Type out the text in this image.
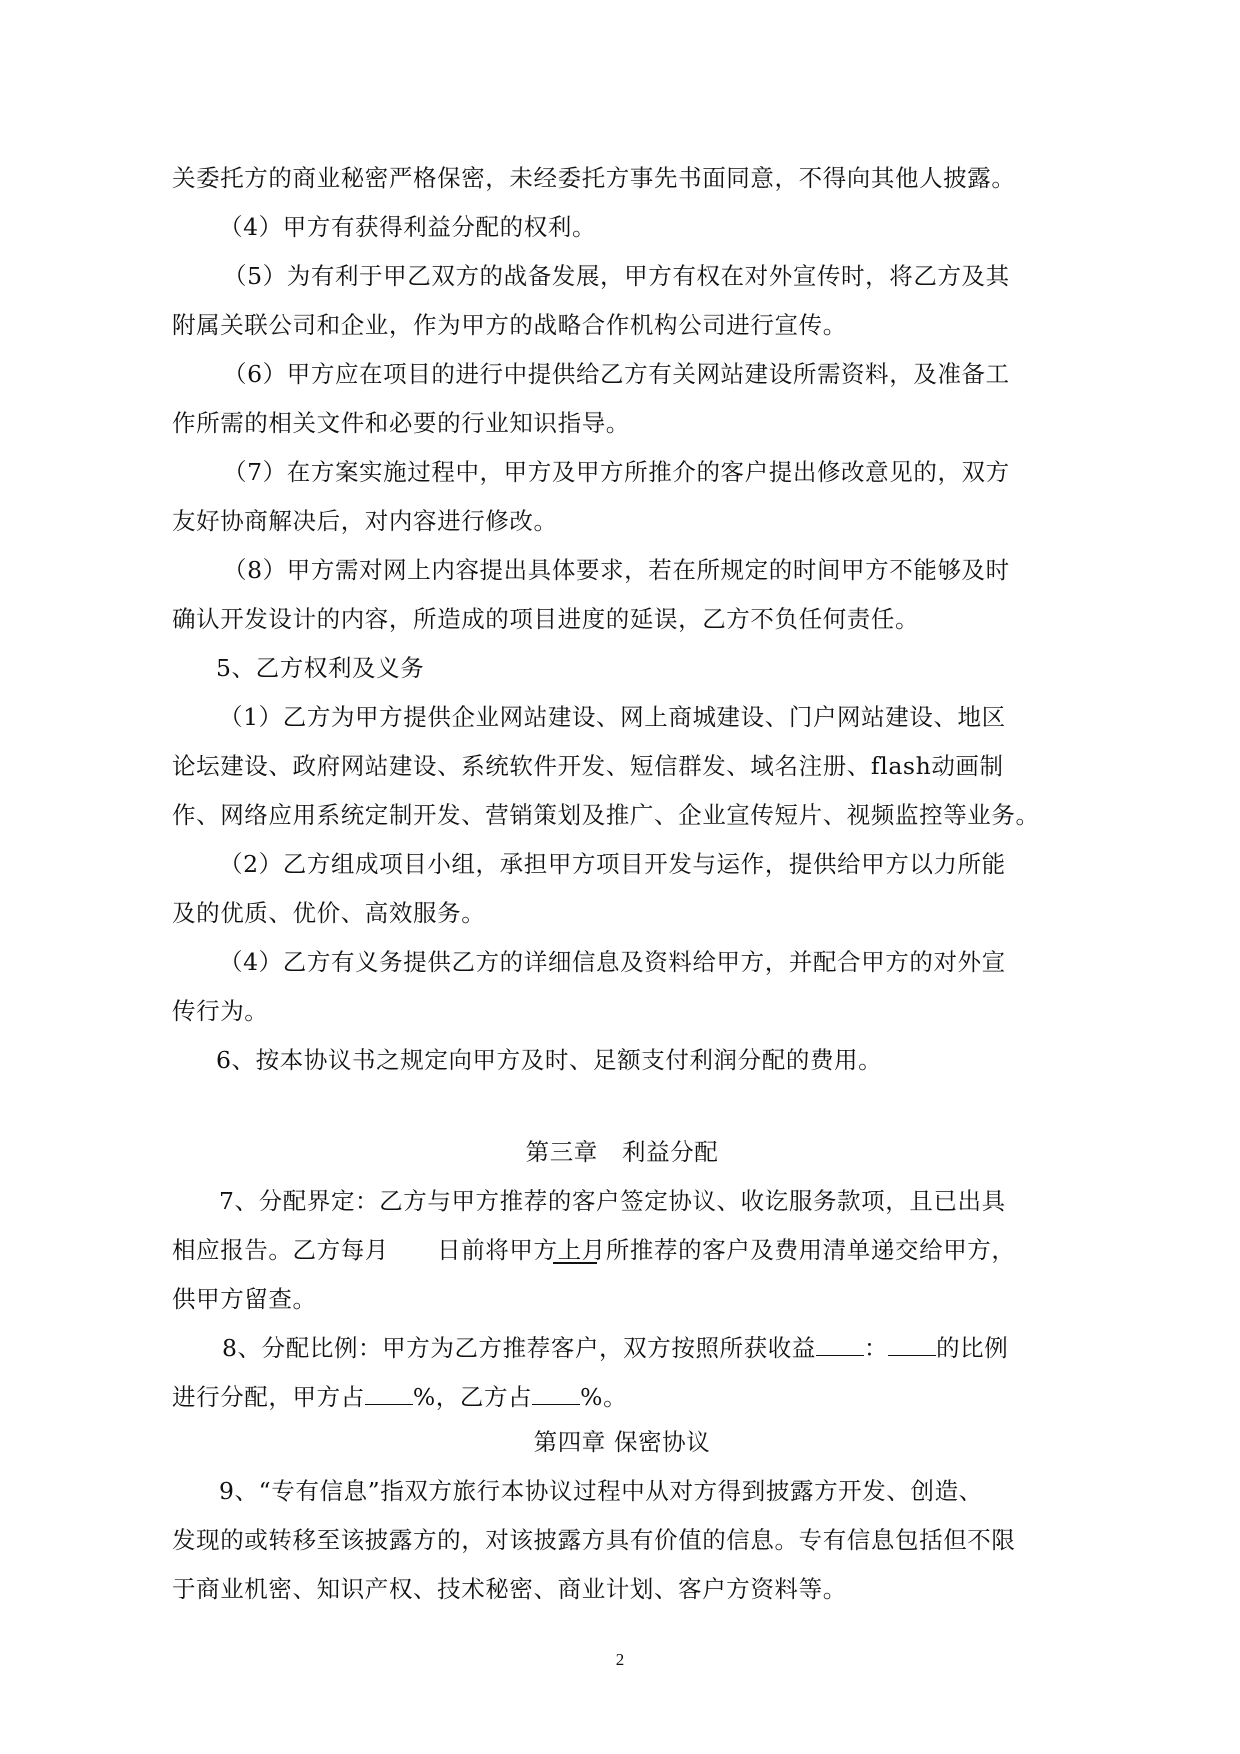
关委托方的商业秘密严格保密，未经委托方事先书面同意，不得向其他人披露。
（4）甲方有获得利益分配的权利。
（5）为有利于甲乙双方的战备发展，甲方有权在对外宣传时，将乙方及其
附属关联公司和企业，作为甲方的战略合作机构公司进行宣传。
（6）甲方应在项目的进行中提供给乙方有关网站建设所需资料，及准备工
作所需的相关文件和必要的行业知识指导。
（7）在方案实施过程中，甲方及甲方所推介的客户提出修改意见的，双方
友好协商解决后，对内容进行修改。
（8）甲方需对网上内容提出具体要求，若在所规定的时间甲方不能够及时
确认开发设计的内容，所造成的项目进度的延误，乙方不负任何责任。
5、乙方权利及义务
（1）乙方为甲方提供企业网站建设、网上商城建设、门户网站建设、地区
论坛建设、政府网站建设、系统软件开发、短信群发、域名注册、flash动画制
作、网络应用系统定制开发、营销策划及推广、企业宣传短片、视频监控等业务。
（2）乙方组成项目小组，承担甲方项目开发与运作，提供给甲方以力所能
及的优质、优价、高效服务。
（4）乙方有义务提供乙方的详细信息及资料给甲方，并配合甲方的对外宣
传行为。
6、按本协议书之规定向甲方及时、足额支付利润分配的费用。
第三章　利益分配
7、分配界定：乙方与甲方推荐的客户签定协议、收讫服务款项，且已出具
相应报告。乙方每月　　日前将甲方上月所推荐的客户及费用清单递交给甲方，
供甲方留查。
8、分配比例：甲方为乙方推荐客户，双方按照所获收益 ： 的比例
进行分配，甲方占 %，乙方占 %。
第四章 保密协议
9、“专有信息”指双方旅行本协议过程中从对方得到披露方开发、创造、
发现的或转移至该披露方的，对该披露方具有价值的信息。专有信息包括但不限
于商业机密、知识产权、技术秘密、商业计划、客户方资料等。
2
